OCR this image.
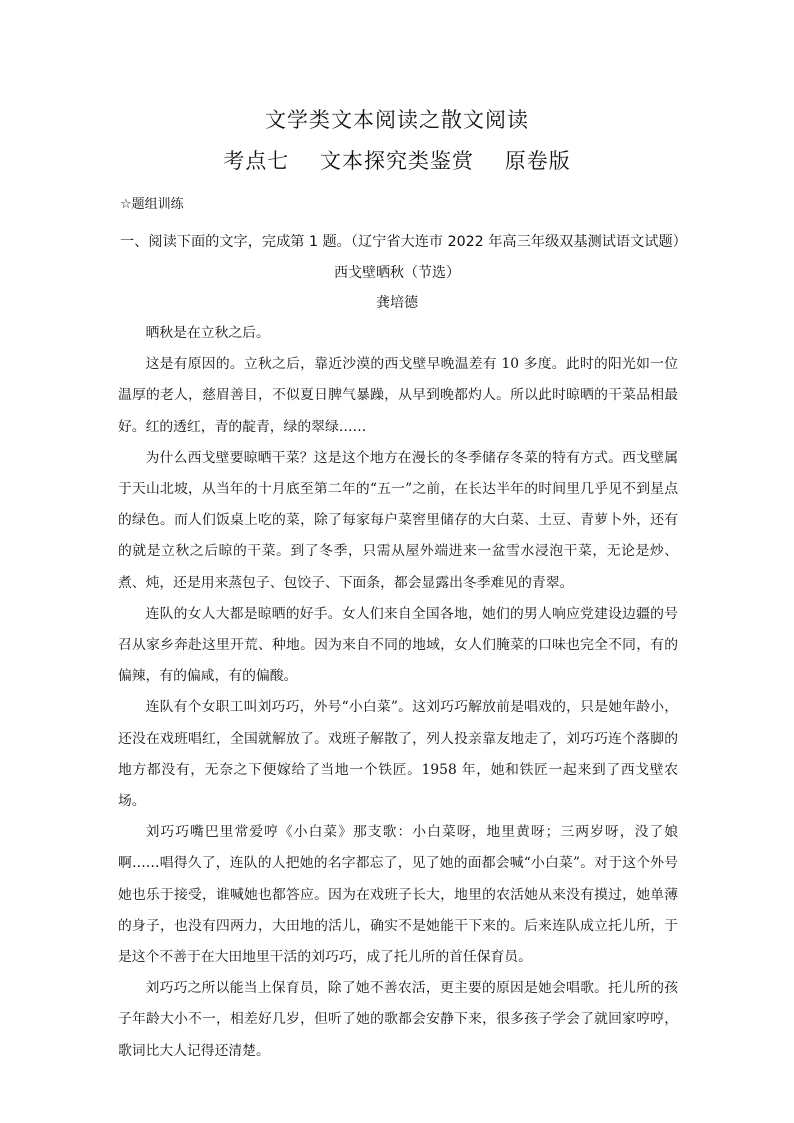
文学类文本阅读之散文阅读
考点七    文本探究类鉴赏    原卷版
☆题组训练
一、阅读下面的文字，完成第 1 题。（辽宁省大连市 2022 年高三年级双基测试语文试题）
西戈壁晒秋（节选）
龚培德

晒秋是在立秋之后。

这是有原因的。立秋之后，靠近沙漠的西戈壁早晚温差有 10 多度。此时的阳光如一位温厚的老人，慈眉善目，不似夏日脾气暴躁，从早到晚都灼人。所以此时晾晒的干菜品相最好。红的透红，青的靛青，绿的翠绿……

为什么西戈壁要晾晒干菜？这是这个地方在漫长的冬季储存冬菜的特有方式。西戈壁属于天山北坡，从当年的十月底至第二年的“五一”之前，在长达半年的时间里几乎见不到星点的绿色。而人们饭桌上吃的菜，除了每家每户菜窖里储存的大白菜、土豆、青萝卜外，还有的就是立秋之后晾的干菜。到了冬季，只需从屋外端进来一盆雪水浸泡干菜，无论是炒、煮、炖，还是用来蒸包子、包饺子、下面条，都会显露出冬季难见的青翠。

连队的女人大都是晾晒的好手。女人们来自全国各地，她们的男人响应党建设边疆的号召从家乡奔赴这里开荒、种地。因为来自不同的地域，女人们腌菜的口味也完全不同，有的偏辣，有的偏咸，有的偏酸。

连队有个女职工叫刘巧巧，外号“小白菜”。这刘巧巧解放前是唱戏的，只是她年龄小，还没在戏班唱红，全国就解放了。戏班子解散了，列人投亲靠友地走了，刘巧巧连个落脚的地方都没有，无奈之下便嫁给了当地一个铁匠。1958 年，她和铁匠一起来到了西戈壁农场。

刘巧巧嘴巴里常爱哼《小白菜》那支歌：小白菜呀，地里黄呀；三两岁呀，没了娘啊……唱得久了，连队的人把她的名字都忘了，见了她的面都会喊“小白菜”。对于这个外号她也乐于接受，谁喊她也都答应。因为在戏班子长大，地里的农活她从来没有摸过，她单薄的身子，也没有四两力，大田地的活儿，确实不是她能干下来的。后来连队成立托儿所，于是这个不善于在大田地里干活的刘巧巧，成了托儿所的首任保育员。

刘巧巧之所以能当上保育员，除了她不善农活，更主要的原因是她会唱歌。托儿所的孩子年龄大小不一，相差好几岁，但听了她的歌都会安静下来，很多孩子学会了就回家哼哼，歌词比大人记得还清楚。
